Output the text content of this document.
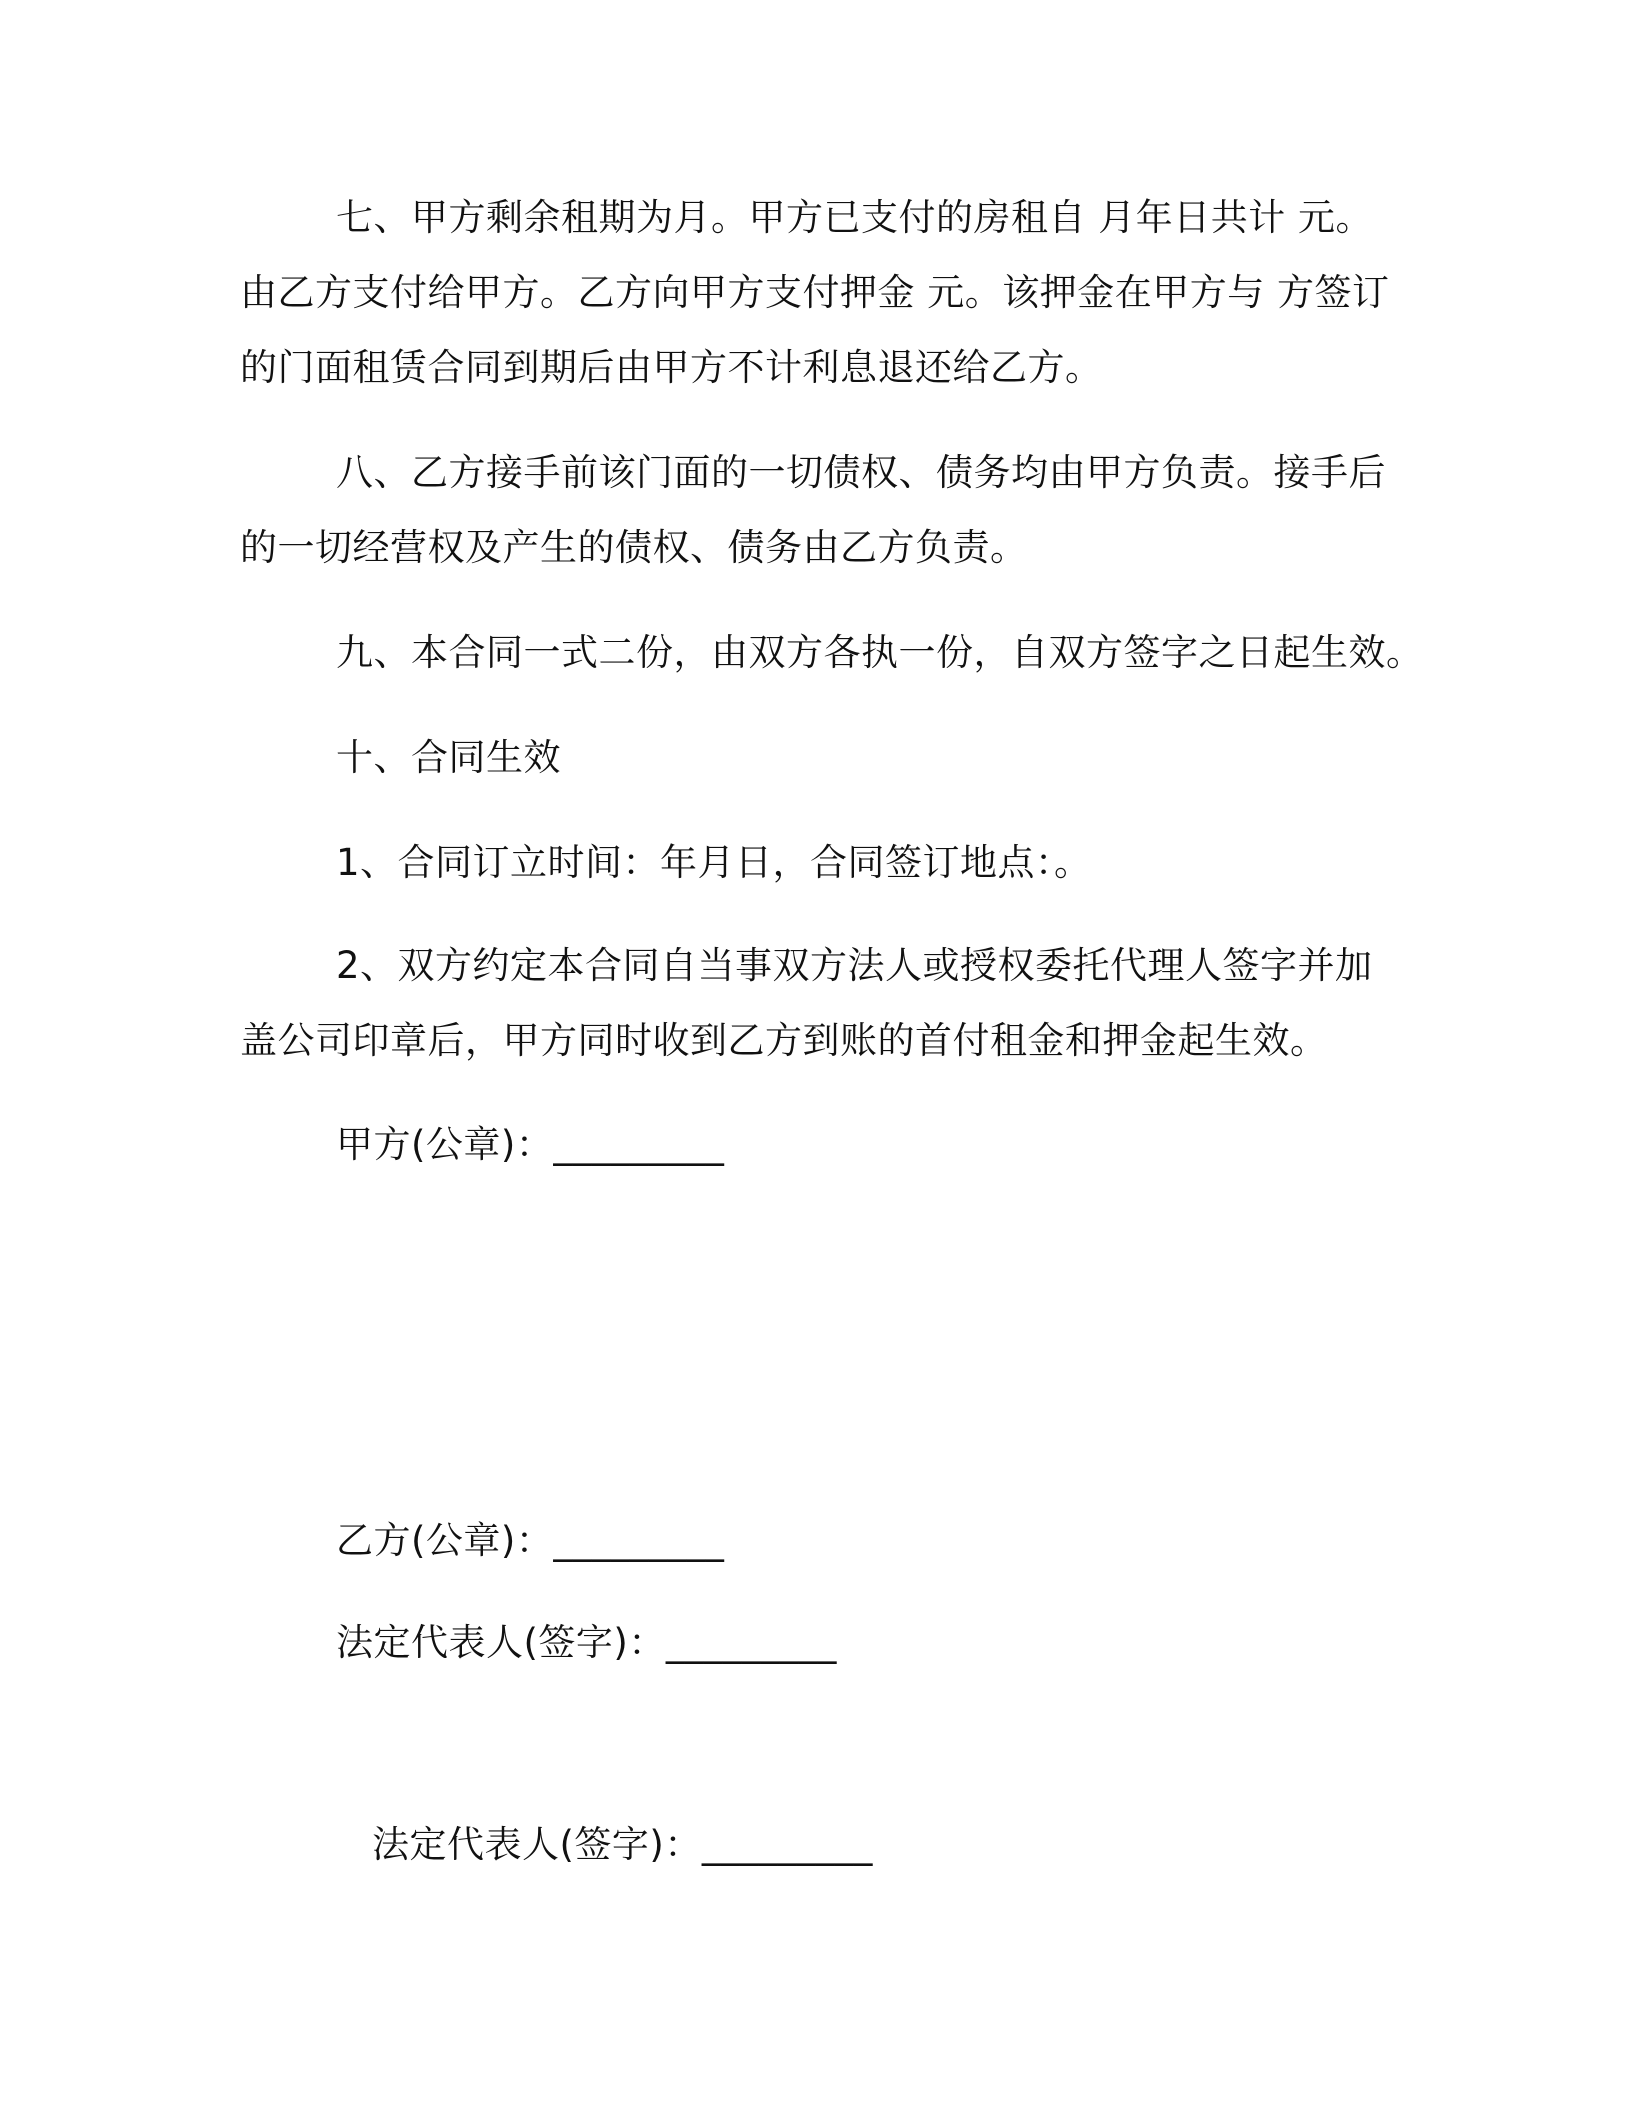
七、甲方剩余租期为月。甲方已支付的房租自 月年日共计 元。
由乙方支付给甲方。乙方向甲方支付押金 元。该押金在甲方与 方签订
的门面租赁合同到期后由甲方不计利息退还给乙方。
八、乙方接手前该门面的一切债权、债务均由甲方负责。接手后
的一切经营权及产生的债权、债务由乙方负责。
九、本合同一式二份，由双方各执一份，自双方签字之日起生效。
十、合同生效
1、合同订立时间：年月日，合同签订地点：。
2、双方约定本合同自当事双方法人或授权委托代理人签字并加
盖公司印章后，甲方同时收到乙方到账的首付租金和押金起生效。
甲方(公章)：_________
乙方(公章)：_________
法定代表人(签字)：_________
法定代表人(签字)：_________
